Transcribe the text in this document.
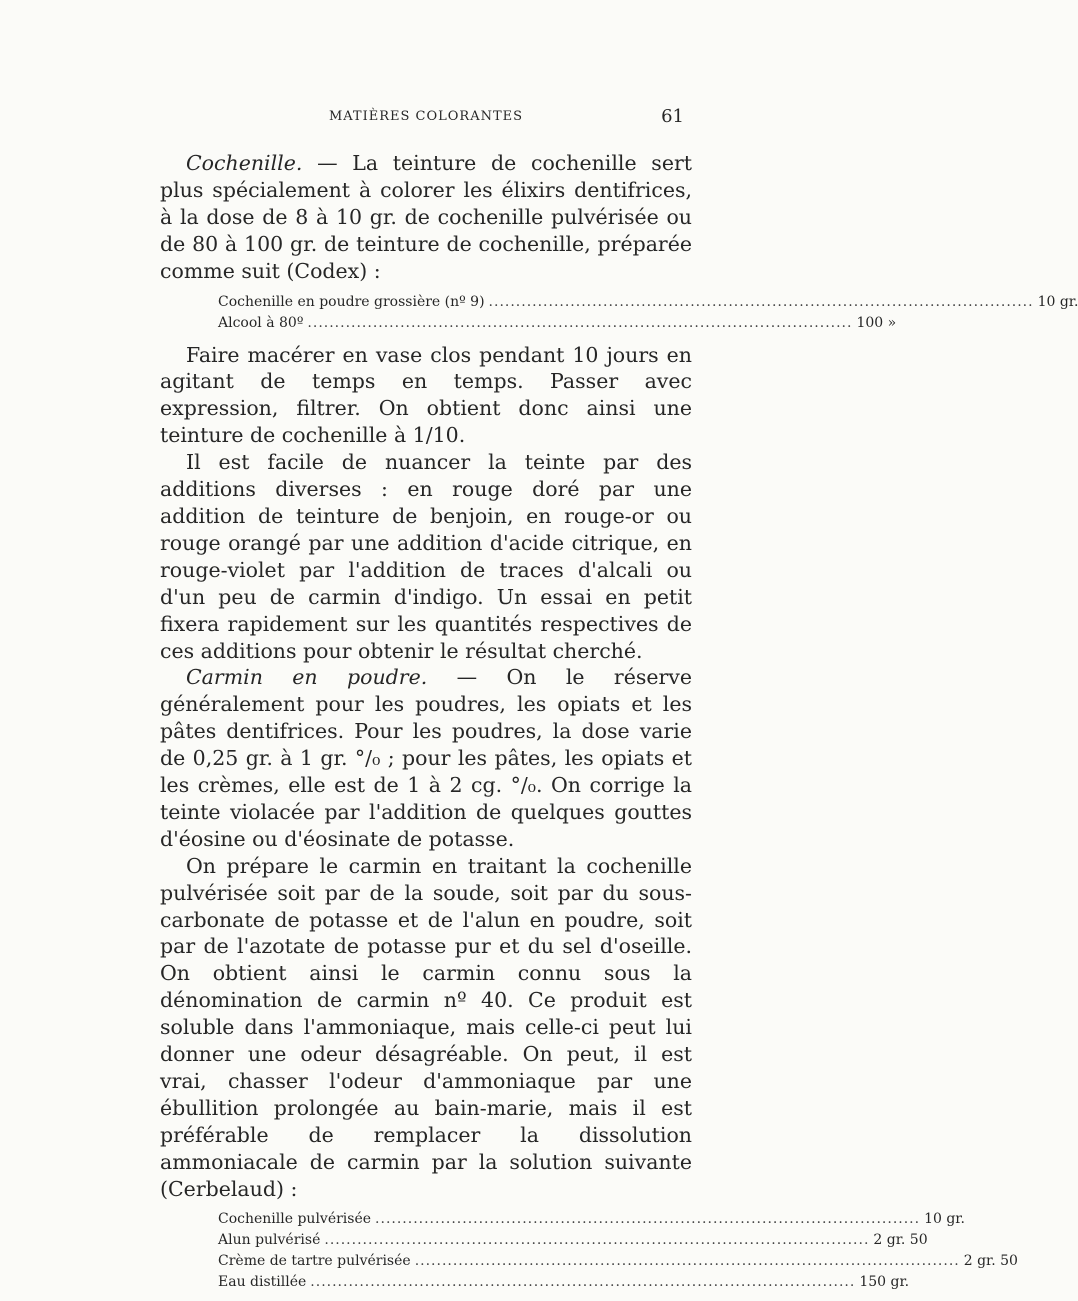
MATIÈRES COLORANTES	61

Cochenille. — La teinture de cochenille sert plus spécialement à colorer les élixirs dentifrices, à la dose de 8 à 10 gr. de cochenille pulvérisée ou de 80 à 100 gr. de teinture de cochenille, préparée comme suit (Codex) :

Cochenille en poudre grossière (nº 9) .................................................................................................... 10 gr.
Alcool à 80º .................................................................................................... 100 »

Faire macérer en vase clos pendant 10 jours en agitant de temps en temps. Passer avec expression, filtrer. On obtient donc ainsi une teinture de cochenille à 1/10.

Il est facile de nuancer la teinte par des additions diverses : en rouge doré par une addition de teinture de benjoin, en rouge-or ou rouge orangé par une addition d'acide citrique, en rouge-violet par l'addition de traces d'alcali ou d'un peu de carmin d'indigo. Un essai en petit fixera rapidement sur les quantités respectives de ces additions pour obtenir le résultat cherché.

Carmin en poudre. — On le réserve généralement pour les poudres, les opiats et les pâtes dentifrices. Pour les poudres, la dose varie de 0,25 gr. à 1 gr. °/₀ ; pour les pâtes, les opiats et les crèmes, elle est de 1 à 2 cg. °/₀. On corrige la teinte violacée par l'addition de quelques gouttes d'éosine ou d'éosinate de potasse.

On prépare le carmin en traitant la cochenille pulvérisée soit par de la soude, soit par du sous-carbonate de potasse et de l'alun en poudre, soit par de l'azotate de potasse pur et du sel d'oseille. On obtient ainsi le carmin connu sous la dénomination de carmin nº 40. Ce produit est soluble dans l'ammoniaque, mais celle-ci peut lui donner une odeur désagréable. On peut, il est vrai, chasser l'odeur d'ammoniaque par une ébullition prolongée au bain-marie, mais il est préférable de remplacer la dissolution ammoniacale de carmin par la solution suivante (Cerbelaud) :

Cochenille pulvérisée .................................................................................................... 10 gr.
Alun pulvérisé .................................................................................................... 2 gr. 50
Crème de tartre pulvérisée .................................................................................................... 2 gr. 50
Eau distillée .................................................................................................... 150 gr.
